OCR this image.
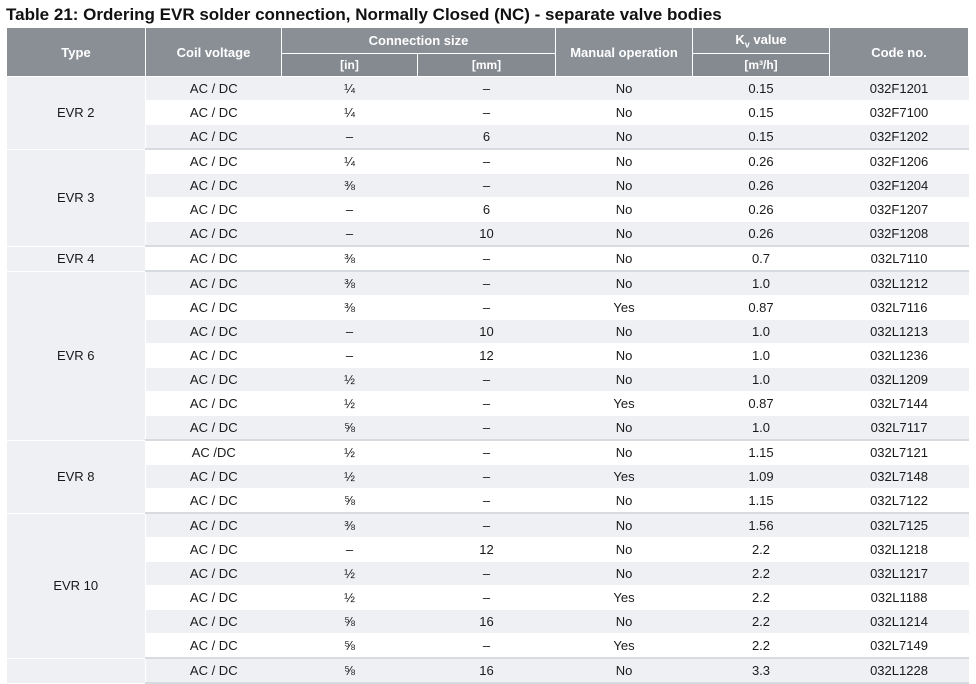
Table 21: Ordering EVR solder connection, Normally Closed (NC) - separate valve bodies
Type	Coil voltage	Connection size		Manual operation	$K_v$ value	Code no.
		[in]	[mm]		[m³/h]	
EVR 2	AC / DC	¼	–	No	0.15	032F1201
	AC / DC	¼	–	No	0.15	032F7100
	AC / DC	–	6	No	0.15	032F1202
EVR 3	AC / DC	¼	–	No	0.26	032F1206
	AC / DC	⅜	–	No	0.26	032F1204
	AC / DC	–	6	No	0.26	032F1207
	AC / DC	–	10	No	0.26	032F1208
EVR 4	AC / DC	⅜	–	No	0.7	032L7110
EVR 6	AC / DC	⅜	–	No	1.0	032L1212
	AC / DC	⅜	–	Yes	0.87	032L7116
	AC / DC	–	10	No	1.0	032L1213
	AC / DC	–	12	No	1.0	032L1236
	AC / DC	½	–	No	1.0	032L1209
	AC / DC	½	–	Yes	0.87	032L7144
	AC / DC	⅝	–	No	1.0	032L7117
EVR 8	AC /DC	½	–	No	1.15	032L7121
	AC / DC	½	–	Yes	1.09	032L7148
	AC / DC	⅝	–	No	1.15	032L7122
EVR 10	AC / DC	⅜	–	No	1.56	032L7125
	AC / DC	–	12	No	2.2	032L1218
	AC / DC	½	–	No	2.2	032L1217
	AC / DC	½	–	Yes	2.2	032L1188
	AC / DC	⅝	16	No	2.2	032L1214
	AC / DC	⅝	–	Yes	2.2	032L7149
	AC / DC	⅝	16	No	3.3	032L1228
